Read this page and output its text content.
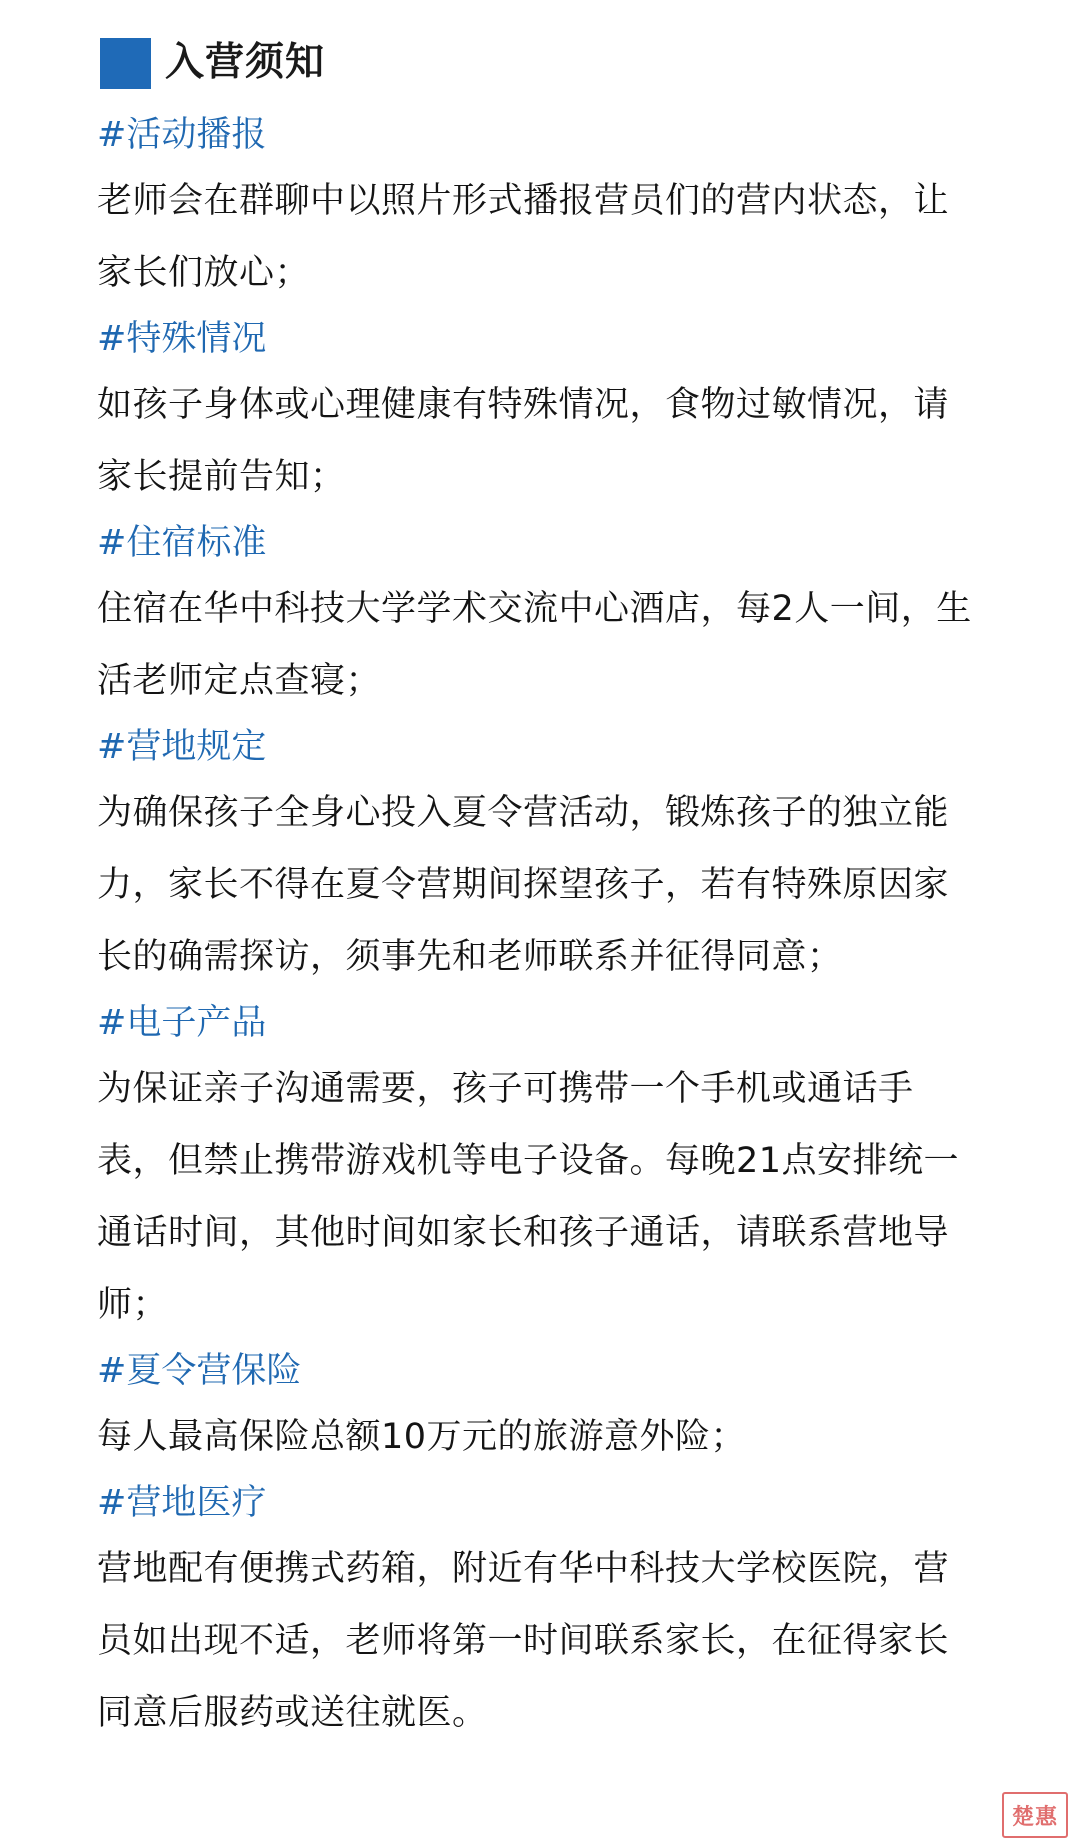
入营须知
#活动播报
老师会在群聊中以照片形式播报营员们的营内状态，让家长们放心；
#特殊情况
如孩子身体或心理健康有特殊情况，食物过敏情况，请家长提前告知；
#住宿标准
住宿在华中科技大学学术交流中心酒店，每2人一间，生活老师定点查寝；
#营地规定
为确保孩子全身心投入夏令营活动，锻炼孩子的独立能力，家长不得在夏令营期间探望孩子，若有特殊原因家长的确需探访，须事先和老师联系并征得同意；
#电子产品
为保证亲子沟通需要，孩子可携带一个手机或通话手表，但禁止携带游戏机等电子设备。每晚21点安排统一通话时间，其他时间如家长和孩子通话，请联系营地导师；
#夏令营保险
每人最高保险总额10万元的旅游意外险；
#营地医疗
营地配有便携式药箱，附近有华中科技大学校医院，营员如出现不适，老师将第一时间联系家长，在征得家长同意后服药或送往就医。
楚惠
